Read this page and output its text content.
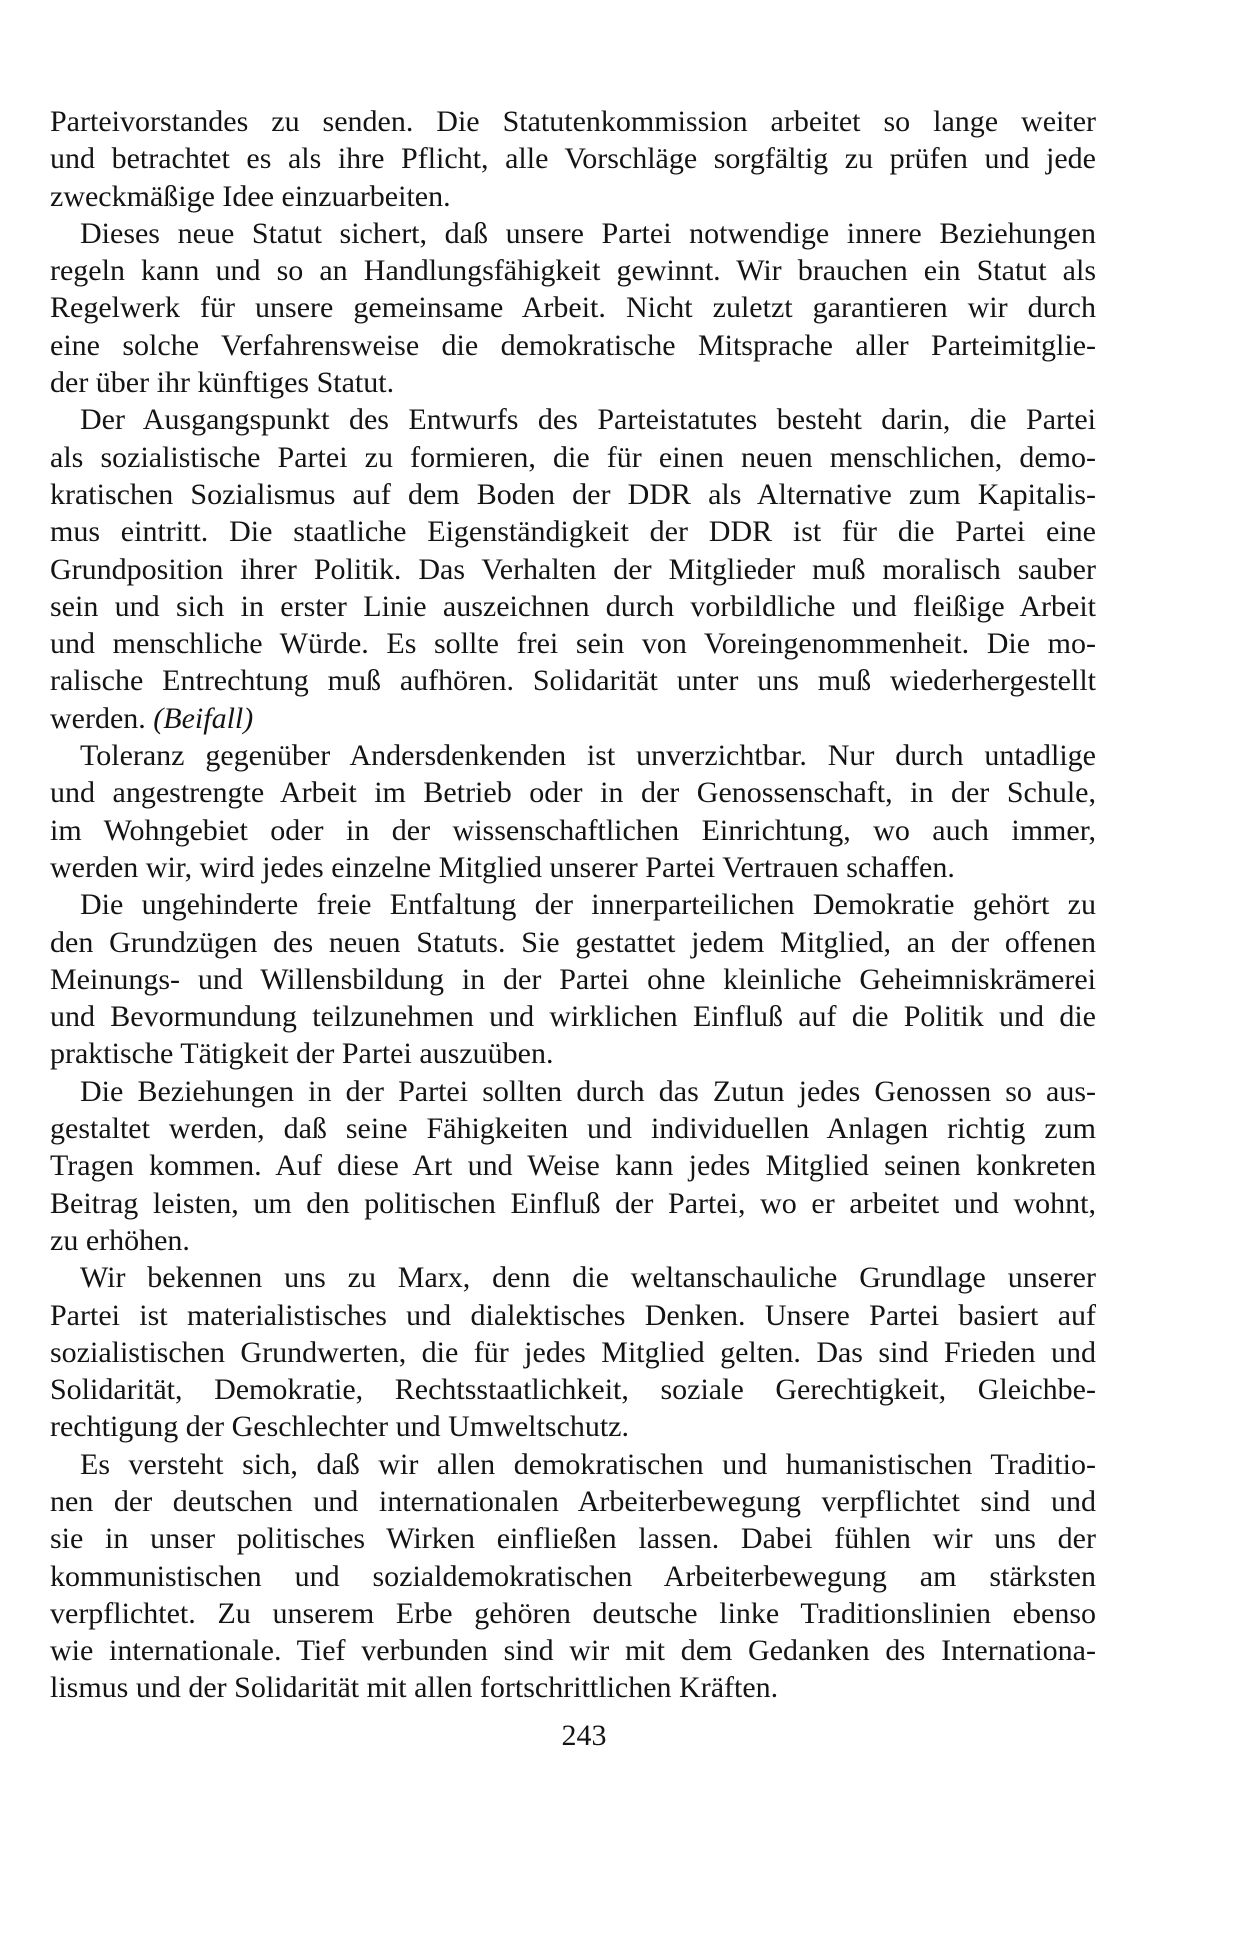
Parteivorstandes zu senden. Die Statutenkommission arbeitet so lange weiter
und betrachtet es als ihre Pflicht, alle Vorschläge sorgfältig zu prüfen und jede
zweckmäßige Idee einzuarbeiten.
Dieses neue Statut sichert, daß unsere Partei notwendige innere Beziehungen
regeln kann und so an Handlungsfähigkeit gewinnt. Wir brauchen ein Statut als
Regelwerk für unsere gemeinsame Arbeit. Nicht zuletzt garantieren wir durch
eine solche Verfahrensweise die demokratische Mitsprache aller Parteimitglie-
der über ihr künftiges Statut.
Der Ausgangspunkt des Entwurfs des Parteistatutes besteht darin, die Partei
als sozialistische Partei zu formieren, die für einen neuen menschlichen, demo-
kratischen Sozialismus auf dem Boden der DDR als Alternative zum Kapitalis-
mus eintritt. Die staatliche Eigenständigkeit der DDR ist für die Partei eine
Grundposition ihrer Politik. Das Verhalten der Mitglieder muß moralisch sauber
sein und sich in erster Linie auszeichnen durch vorbildliche und fleißige Arbeit
und menschliche Würde. Es sollte frei sein von Voreingenommenheit. Die mo-
ralische Entrechtung muß aufhören. Solidarität unter uns muß wiederhergestellt
werden. (Beifall)
Toleranz gegenüber Andersdenkenden ist unverzichtbar. Nur durch untadlige
und angestrengte Arbeit im Betrieb oder in der Genossenschaft, in der Schule,
im Wohngebiet oder in der wissenschaftlichen Einrichtung, wo auch immer,
werden wir, wird jedes einzelne Mitglied unserer Partei Vertrauen schaffen.
Die ungehinderte freie Entfaltung der innerparteilichen Demokratie gehört zu
den Grundzügen des neuen Statuts. Sie gestattet jedem Mitglied, an der offenen
Meinungs- und Willensbildung in der Partei ohne kleinliche Geheimniskrämerei
und Bevormundung teilzunehmen und wirklichen Einfluß auf die Politik und die
praktische Tätigkeit der Partei auszuüben.
Die Beziehungen in der Partei sollten durch das Zutun jedes Genossen so aus-
gestaltet werden, daß seine Fähigkeiten und individuellen Anlagen richtig zum
Tragen kommen. Auf diese Art und Weise kann jedes Mitglied seinen konkreten
Beitrag leisten, um den politischen Einfluß der Partei, wo er arbeitet und wohnt,
zu erhöhen.
Wir bekennen uns zu Marx, denn die weltanschauliche Grundlage unserer
Partei ist materialistisches und dialektisches Denken. Unsere Partei basiert auf
sozialistischen Grundwerten, die für jedes Mitglied gelten. Das sind Frieden und
Solidarität, Demokratie, Rechtsstaatlichkeit, soziale Gerechtigkeit, Gleichbe-
rechtigung der Geschlechter und Umweltschutz.
Es versteht sich, daß wir allen demokratischen und humanistischen Traditio-
nen der deutschen und internationalen Arbeiterbewegung verpflichtet sind und
sie in unser politisches Wirken einfließen lassen. Dabei fühlen wir uns der
kommunistischen und sozialdemokratischen Arbeiterbewegung am stärksten
verpflichtet. Zu unserem Erbe gehören deutsche linke Traditionslinien ebenso
wie internationale. Tief verbunden sind wir mit dem Gedanken des Internationa-
lismus und der Solidarität mit allen fortschrittlichen Kräften.
243
